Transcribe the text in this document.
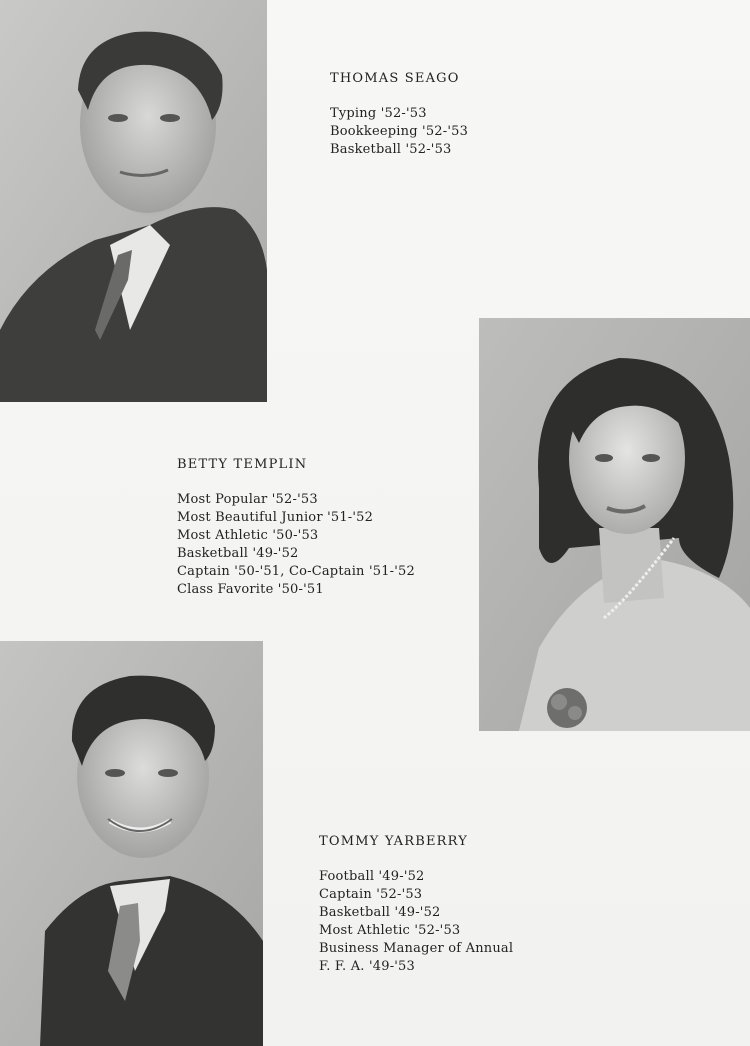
THOMAS SEAGO
Typing '52-'53
Bookkeeping '52-'53
Basketball '52-'53
BETTY TEMPLIN
Most Popular '52-'53
Most Beautiful Junior '51-'52
Most Athletic '50-'53
Basketball '49-'52
Captain '50-'51, Co-Captain '51-'52
Class Favorite '50-'51
TOMMY YARBERRY
Football '49-'52
Captain '52-'53
Basketball '49-'52
Most Athletic '52-'53
Business Manager of Annual
F. F. A. '49-'53
